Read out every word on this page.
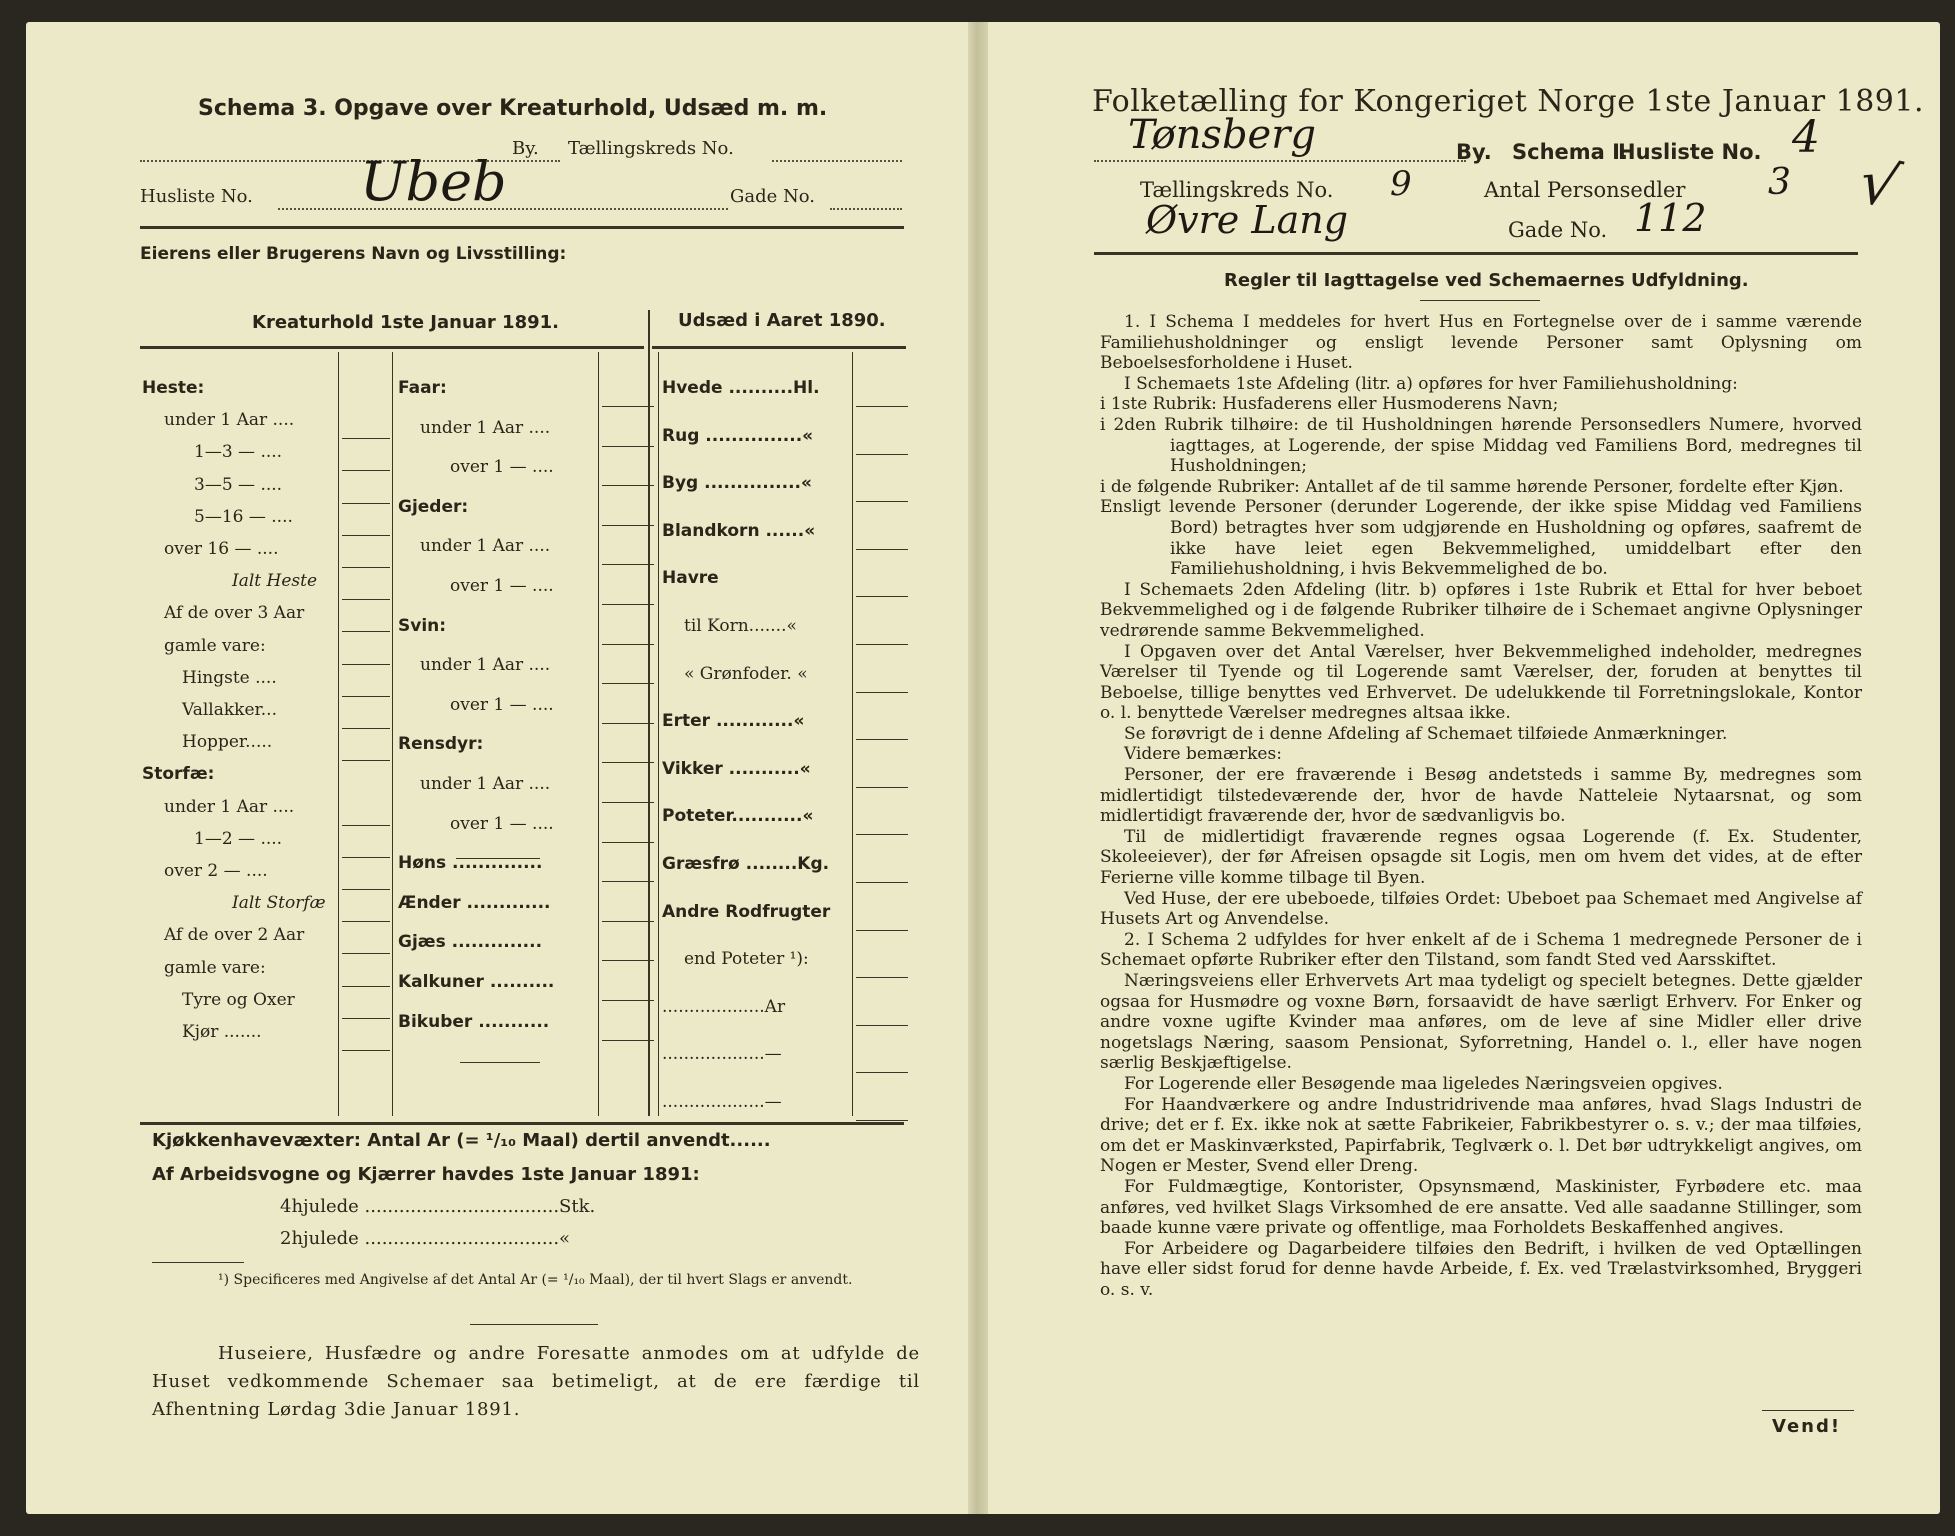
Schema 3. Opgave over Kreaturhold, Udsæd m. m.
By. Tællingskreds No.
Husliste No. Ubeb	Gade No.
Eierens eller Brugerens Navn og Livsstilling:
Kreaturhold 1ste Januar 1891.	Udsæd i Aaret 1890.
Heste:
under 1 Aar ....
1—3 — ....
3—5 — ....
5—16 — ....
over 16 — ....
Ialt Heste
Af de over 3 Aar
gamle vare:
Hingste ....
Vallakker...
Hopper.....
Storfæ:
under 1 Aar ....
1—2 — ....
over 2 — ....
Ialt Storfæ
Af de over 2 Aar
gamle vare:
Tyre og Oxer
Kjør .......
Faar:
under 1 Aar ....
over 1 — ....
Gjeder:
under 1 Aar ....
over 1 — ....
Svin:
under 1 Aar ....
over 1 — ....
Rensdyr:
under 1 Aar ....
over 1 — ....
Høns ..............
Ænder .............
Gjæs ..............
Kalkuner ..........
Bikuber ...........
Hvede ..........Hl.
Rug ...............«
Byg ...............«
Blandkorn ......«
Havre
til Korn.......«
« Grønfoder. «
Erter ............«
Vikker ...........«
Poteter...........«
Græsfrø ........Kg.
Andre Rodfrugter
end Poteter ¹):
...................Ar
...................—
...................—
Kjøkkenhavevæxter: Antal Ar (= ¹/₁₀ Maal) dertil anvendt......
Af Arbeidsvogne og Kjærrer havdes 1ste Januar 1891:
4hjulede ..................................Stk.
2hjulede ..................................«
¹) Specificeres med Angivelse af det Antal Ar (= ¹/₁₀ Maal), der til hvert Slags er anvendt.
Huseiere, Husfædre og andre Foresatte anmodes om at udfylde de Huset vedkommende Schemaer saa betimeligt, at de ere færdige til Afhentning Lørdag 3die Januar 1891.
Folketælling for Kongeriget Norge 1ste Januar 1891.
Tønsberg	By. Schema I.
Husliste No. 4
√
Tællingskreds No. 9	Antal Personsedler 3
Øvre Lang	Gade No. 112
Regler til Iagttagelse ved Schemaernes Udfyldning.

1. I Schema I meddeles for hvert Hus en Fortegnelse over de i samme værende Familiehusholdninger og ensligt levende Personer samt Oplysning om Beboelsesforholdene i Huset.

I Schemaets 1ste Afdeling (litr. a) opføres for hver Familiehusholdning:

i 1ste Rubrik: Husfaderens eller Husmoderens Navn;

i 2den Rubrik tilhøire: de til Husholdningen hørende Personsedlers Numere, hvorved iagttages, at Logerende, der spise Middag ved Familiens Bord, medregnes til Husholdningen;

i de følgende Rubriker: Antallet af de til samme hørende Personer, fordelte efter Kjøn.

Ensligt levende Personer (derunder Logerende, der ikke spise Middag ved Familiens Bord) betragtes hver som udgjørende en Husholdning og opføres, saafremt de ikke have leiet egen Bekvemmelighed, umiddelbart efter den Familiehusholdning, i hvis Bekvemmelighed de bo.

I Schemaets 2den Afdeling (litr. b) opføres i 1ste Rubrik et Ettal for hver beboet Bekvemmelighed og i de følgende Rubriker tilhøire de i Schemaet angivne Oplysninger vedrørende samme Bekvemmelighed.

I Opgaven over det Antal Værelser, hver Bekvemmelighed indeholder, medregnes Værelser til Tyende og til Logerende samt Værelser, der, foruden at benyttes til Beboelse, tillige benyttes ved Erhvervet. De udelukkende til Forretningslokale, Kontor o. l. benyttede Værelser medregnes altsaa ikke.

Se forøvrigt de i denne Afdeling af Schemaet tilføiede Anmærkninger.

Videre bemærkes:

Personer, der ere fraværende i Besøg andetsteds i samme By, medregnes som midlertidigt tilstedeværende der, hvor de havde Natteleie Nytaarsnat, og som midlertidigt fraværende der, hvor de sædvanligvis bo.

Til de midlertidigt fraværende regnes ogsaa Logerende (f. Ex. Studenter, Skoleeiever), der før Afreisen opsagde sit Logis, men om hvem det vides, at de efter Ferierne ville komme tilbage til Byen.

Ved Huse, der ere ubeboede, tilføies Ordet: Ubeboet paa Schemaet med Angivelse af Husets Art og Anvendelse.

2. I Schema 2 udfyldes for hver enkelt af de i Schema 1 medregnede Personer de i Schemaet opførte Rubriker efter den Tilstand, som fandt Sted ved Aarsskiftet.

Næringsveiens eller Erhvervets Art maa tydeligt og specielt betegnes. Dette gjælder ogsaa for Husmødre og voxne Børn, forsaavidt de have særligt Erhverv. For Enker og andre voxne ugifte Kvinder maa anføres, om de leve af sine Midler eller drive nogetslags Næring, saasom Pensionat, Syforretning, Handel o. l., eller have nogen særlig Beskjæftigelse.

For Logerende eller Besøgende maa ligeledes Næringsveien opgives.

For Haandværkere og andre Industridrivende maa anføres, hvad Slags Industri de drive; det er f. Ex. ikke nok at sætte Fabrikeier, Fabrikbestyrer o. s. v.; der maa tilføies, om det er Maskinværksted, Papirfabrik, Teglværk o. l. Det bør udtrykkeligt angives, om Nogen er Mester, Svend eller Dreng.

For Fuldmægtige, Kontorister, Opsynsmænd, Maskinister, Fyrbødere etc. maa anføres, ved hvilket Slags Virksomhed de ere ansatte. Ved alle saadanne Stillinger, som baade kunne være private og offentlige, maa Forholdets Beskaffenhed angives.

For Arbeidere og Dagarbeidere tilføies den Bedrift, i hvilken de ved Optællingen have eller sidst forud for denne havde Arbeide, f. Ex. ved Trælastvirksomhed, Bryggeri o. s. v.

Vend!
